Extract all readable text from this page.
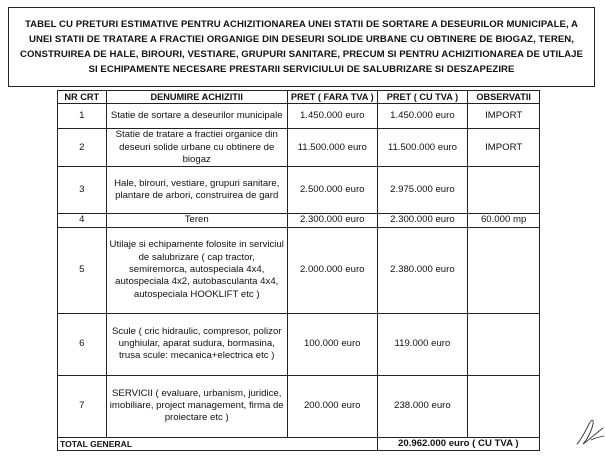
TABEL CU PRETURI ESTIMATIVE PENTRU ACHIZITIONAREA UNEI STATII DE SORTARE A DESEURILOR MUNICIPALE, A UNEI STATII DE TRATARE A FRACTIEI ORGANIGE DIN DESEURI SOLIDE URBANE CU OBTINERE DE BIOGAZ, TEREN, CONSTRUIREA DE HALE, BIROURI, VESTIARE, GRUPURI SANITARE, PRECUM SI PENTRU ACHIZITIONAREA DE UTILAJE SI ECHIPAMENTE NECESARE PRESTARII SERVICIULUI DE SALUBRIZARE SI DESZAPEZIRE
NR CRT	DENUMIRE ACHIZITII	PRET ( FARA TVA )	PRET ( CU TVA )	OBSERVATII
1	Statie de sortare a deseurilor municipale	1.450.000 euro	1.450.000 euro	IMPORT
2	Statie de tratare a fractiei organice din deseuri solide urbane cu obtinere de biogaz	11.500.000 euro	11.500.000 euro	IMPORT
3	Hale, birouri, vestiare, grupuri sanitare, plantare de arbori, construirea de gard	2.500.000 euro	2.975.000 euro	
4	Teren	2.300.000 euro	2.300.000 euro	60.000 mp
5	Utilaje si echipamente folosite in serviciul de salubrizare ( cap tractor, semiremorca, autospeciala 4x4, autospeciala 4x2, autobasculanta 4x4, autospeciala HOOKLIFT etc )	2.000.000 euro	2.380.000 euro	
6	Scule ( cric hidraulic, compresor, polizor unghiular, aparat sudura, bormasina, trusa scule: mecanica+electrica etc )	100.000 euro	119.000 euro	
7	SERVICII ( evaluare, urbanism, juridice, imobiliare, project management, firma de proiectare etc )	200.000 euro	238.000 euro	
TOTAL GENERAL			20.962.000 euro ( CU TVA )	
